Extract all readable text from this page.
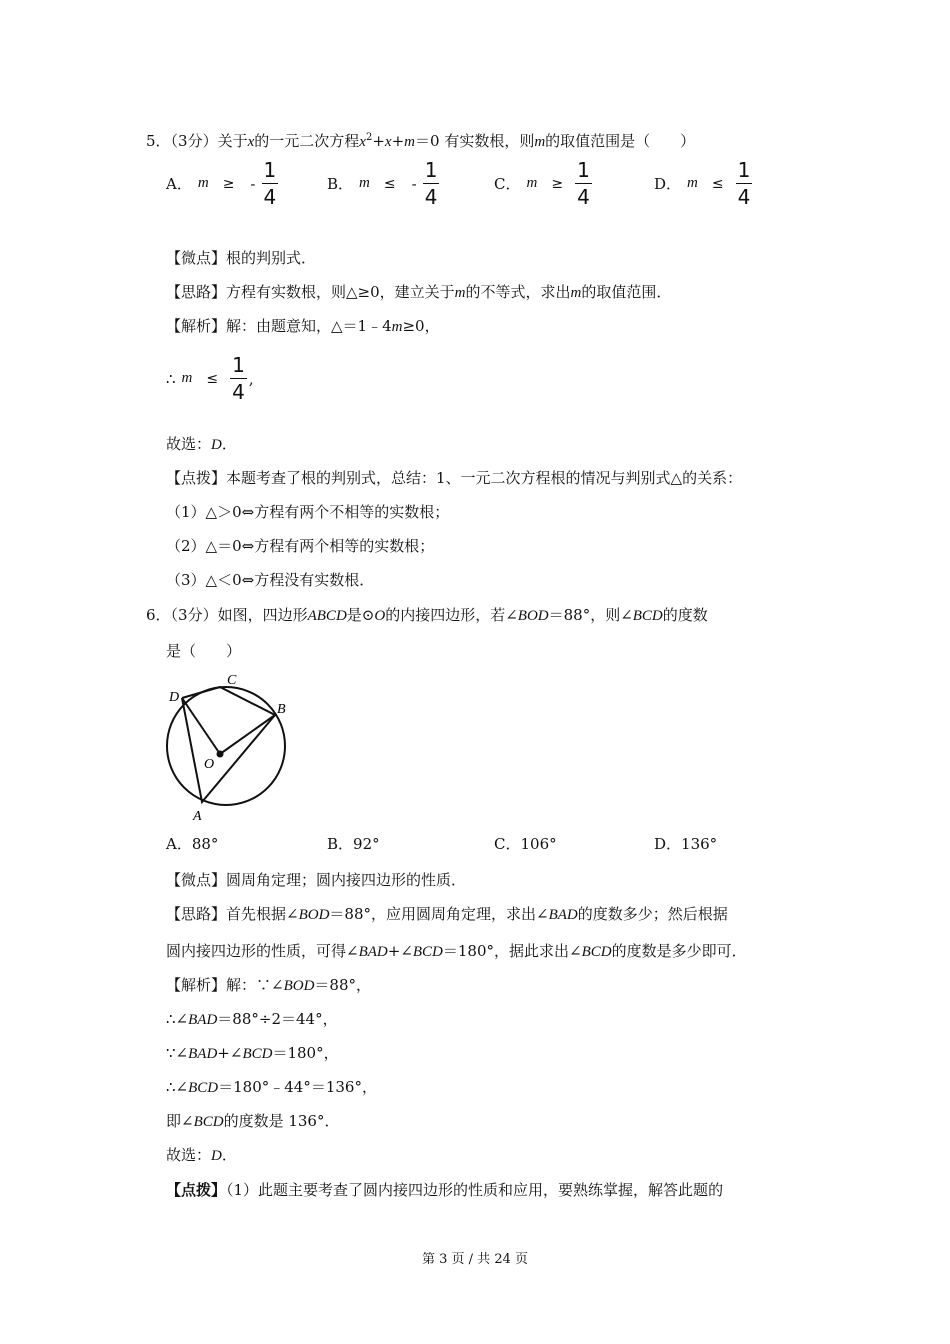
5．（3分）关于x的一元二次方程$x^2+x+m=0$ 有实数根，则m的取值范围是（　　）
A． m ≥ - $\frac{1}{4}$	B． m ≤ - $\frac{1}{4}$	C． $m \ge \frac{1}{4}$	D． $m \le \frac{1}{4}$
【微点】根的判别式．
【思路】方程有实数根，则△≥0，建立关于m的不等式，求出m的取值范围．
【解析】解：由题意知，△＝1﹣4m≥0，
∴ $m \le \frac{1}{4}$ ,
故选：D．
【点拨】本题考查了根的判别式，总结：1、一元二次方程根的情况与判别式△的关系：
（1）△＞0⇔方程有两个不相等的实数根；
（2）△＝0⇔方程有两个相等的实数根；
（3）△＜0⇔方程没有实数根．
6．（3分）如图，四边形ABCD是⊙O的内接四边形，若∠BOD＝88°，则∠BCD的度数
是（　　）
D
C
B
O
A
A．88°	B．92°	C．106°	D．136°
【微点】圆周角定理；圆内接四边形的性质．
【思路】首先根据∠BOD＝88°，应用圆周角定理，求出∠BAD的度数多少；然后根据
圆内接四边形的性质，可得∠BAD+∠BCD＝180°，据此求出∠BCD的度数是多少即可．
【解析】解：∵∠BOD＝88°，
∴∠BAD＝88°÷2＝44°，
∵∠BAD+∠BCD＝180°，
∴∠BCD＝180°﹣44°＝136°，
即∠BCD的度数是 136°．
故选：D．
【点拨】（1）此题主要考查了圆内接四边形的性质和应用，要熟练掌握，解答此题的
第 3 页 / 共 24 页
